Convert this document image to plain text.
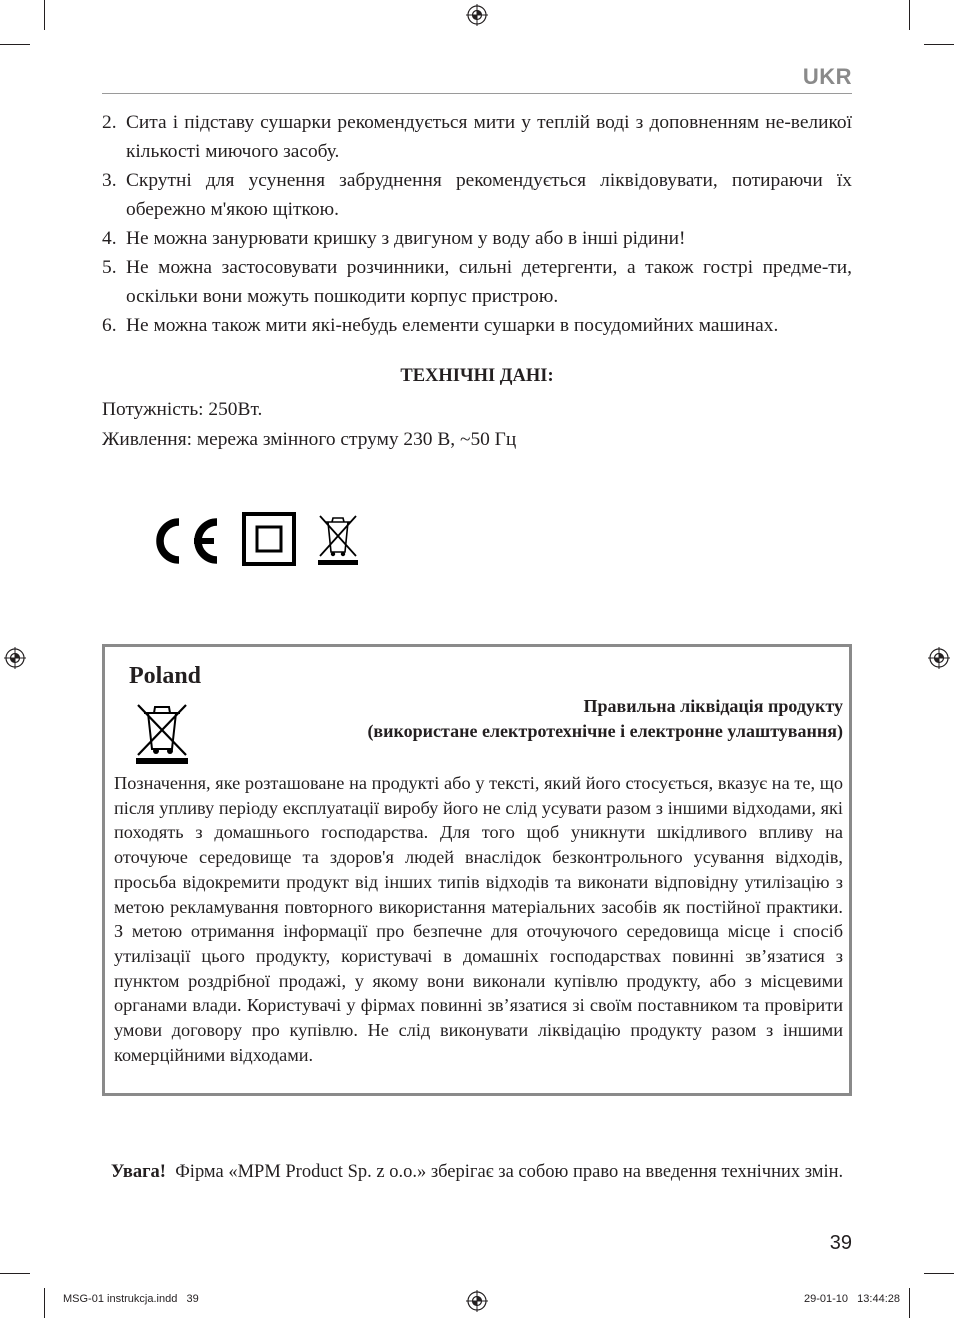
UKR
2. Сита і підставу сушарки рекомендується мити у теплій воді з доповненням не-великої кількості миючого засобу.
3. Скрутні для усунення забруднення рекомендується ліквідовувати, потираючи їх обережно м'якою щіткою.
4. Не можна занурювати кришку з двигуном у воду або в інші рідини!
5. Не можна застосовувати розчинники, сильні детергенти, а також гострі предме-ти, оскільки вони можуть пошкодити корпус пристрою.
6. Не можна також мити які-небудь елементи сушарки в посудомийних машинах.
ТЕХНІЧНІ ДАНІ:
Потужність: 250Вт.
Живлення: мережа змінного струму 230 В, ~50 Гц
Poland
Правильна ліквідація продукту
(використане електротехнічне і електронне улаштування)

Позначення, яке розташоване на продукті або у тексті, який його стосується, вказує на те, що після упливу періоду експлуатації виробу його не слід усувати разом з іншими відходами, які походять з домашнього господарства. Для того щоб уникнути шкідливого впливу на оточуюче середовище та здоров'я людей внаслідок безконтрольного усування відходів, просьба відокремити продукт від інших типів відходів та виконати відповідну утилізацію з метою рекламування повторного використання матеріальних засобів як постійної практики. З метою отримання інформації про безпечне для оточуючого середовища місце і спосіб утилізації цього продукту, користувачі в домашніх господарствах повинні зв’язатися з пунктом роздрібної продажі, у якому вони виконали купівлю продукту, або з місцевими органами влади. Користувачі у фірмах повинні зв’язатися зі своїм поставником та провірити умови договору про купівлю. Не слід виконувати ліквідацію продукту разом з іншими комерційними відходами.

Увага! Фірма «MPM Product Sp. z o.o.» зберігає за собою право на введення технічних змін.
39
MSG-01 instrukcja.indd   39	29-01-10   13:44:28
